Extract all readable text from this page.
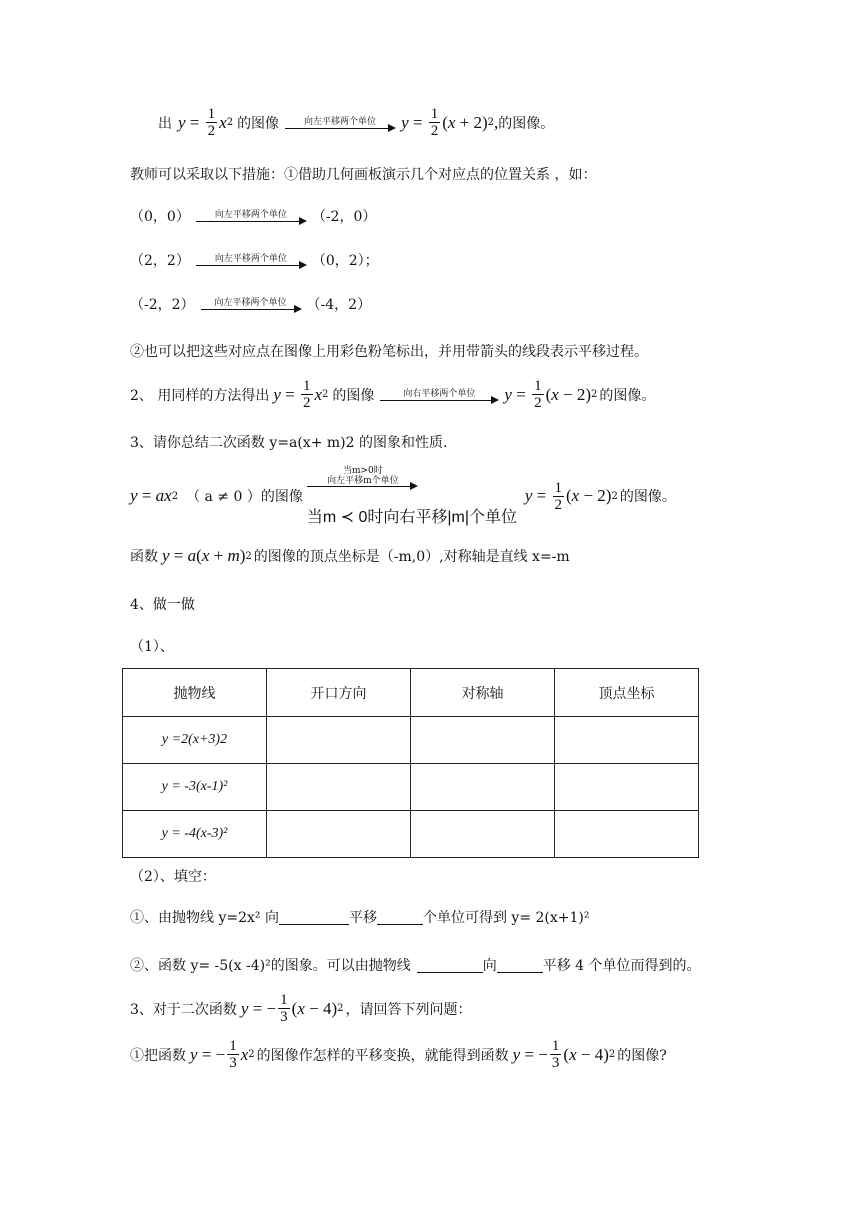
出 $y = \frac{1}{2}$ x 2 的图像	向左平移两个单位	$y = \frac{1}{2}$ ( x + 2) 2 , 的图像。
教师可以采取以下措施：①借助几何画板演示几个对应点的位置关系 ，如：
（0，0）	向左平移两个单位	（-2，0）
（2，2）	向左平移两个单位	（0，2）；
（-2，2）	向左平移两个单位	（-4，2）
②也可以把这些对应点在图像上用彩色粉笔标出，并用带箭头的线段表示平移过程。
2、 用同样的方法得出 $y = \frac{1}{2}$ x 2 的图像	向右平移两个单位	$y = \frac{1}{2}$ ( x − 2) 2 的图像。
3、请你总结二次函数 y=a(x+ m)2 的图象和性质.
y = ax 2 （ a ≠ 0 ）的图像
当m>0时
向左平移m个单位
当m ≺ 0时向右平移|m|个单位
$y = \frac{1}{2}$ ( x − 2) 2 的图像。
函数 y = a ( x + m ) 2 的图像的顶点坐标是（-m,0）,对称轴是直线 x=-m
4、做一做
（1）、
抛物线	开口方向	对称轴	顶点坐标
y =2(x+3)2			
y = -3(x-1)²			
y = -4(x-3)²			
（2）、填空：
①、由抛物线 y=2x² 向	平移	个单位可得到 y= 2(x+1)²
②、函数 y= -5(x -4)²的图象。可以由抛物线	向	平移 4 个单位而得到的。
3、对于二次函数 y = − $\frac{1}{3}$ ( x − 4) 2 ，请回答下列问题：
①把函数 y = − $\frac{1}{3}$ x 2 的图像作怎样的平移变换，就能得到函数 y = − $\frac{1}{3}$ ( x − 4) 2 的图像?
